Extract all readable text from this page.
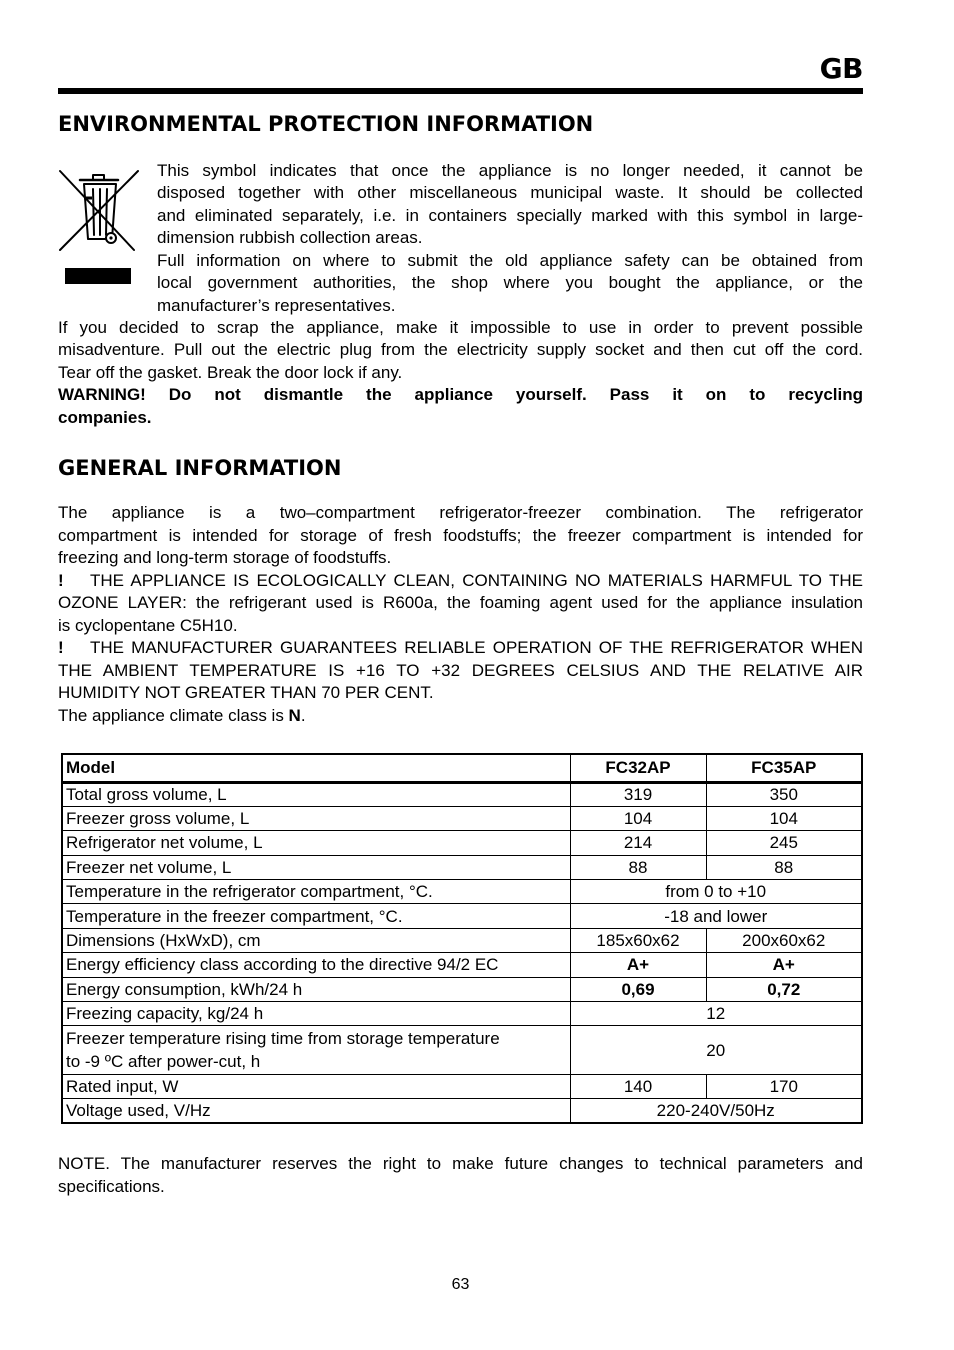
GB
ENVIRONMENTAL PROTECTION INFORMATION
This symbol indicates that once the appliance is no longer needed, it cannot be
disposed together with other miscellaneous municipal waste. It should be collected
and eliminated separately, i.e. in containers specially marked with this symbol in large-
dimension rubbish collection areas.
Full information on where to submit the old appliance safety can be obtained from
local government authorities, the shop where you bought the appliance, or the
manufacturer’s representatives.
If you decided to scrap the appliance, make it impossible to use in order to prevent possible
misadventure. Pull out the electric plug from the electricity supply socket and then cut off the cord.
Tear off the gasket. Break the door lock if any.
WARNING! Do not dismantle the appliance yourself. Pass it on to recycling
companies.
GENERAL INFORMATION
The appliance is a two–compartment refrigerator-freezer combination. The refrigerator
compartment is intended for storage of fresh foodstuffs; the freezer compartment is intended for
freezing and long-term storage of foodstuffs.
! THE APPLIANCE IS ECOLOGICALLY CLEAN, CONTAINING NO MATERIALS HARMFUL TO THE
OZONE LAYER: the refrigerant used is R600a, the foaming agent used for the appliance insulation
is cyclopentane C5H10.
! THE MANUFACTURER GUARANTEES RELIABLE OPERATION OF THE REFRIGERATOR WHEN
THE AMBIENT TEMPERATURE IS +16 TO +32 DEGREES CELSIUS AND THE RELATIVE AIR
HUMIDITY NOT GREATER THAN 70 PER CENT.
The appliance climate class is N.
Model	FC32AP	FC35AP
Total gross volume, L	319	350
Freezer gross volume, L	104	104
Refrigerator net volume, L	214	245
Freezer net volume, L	88	88
Temperature in the refrigerator compartment, °C.	from 0 to +10	
Temperature in the freezer compartment, °C.	-18 and lower	
Dimensions (HxWxD), cm	185x60x62	200x60x62
Energy efficiency class according to the directive 94/2 EC	A+	A+
Energy consumption, kWh/24 h	0,69	0,72
Freezing capacity, kg/24 h	12	
Freezer temperature rising time from storage temperature
to -9 ºC after power-cut, h	20	
Rated input, W	140	170
Voltage used, V/Hz	220-240V/50Hz	
NOTE. The manufacturer reserves the right to make future changes to technical parameters and
specifications.
63
